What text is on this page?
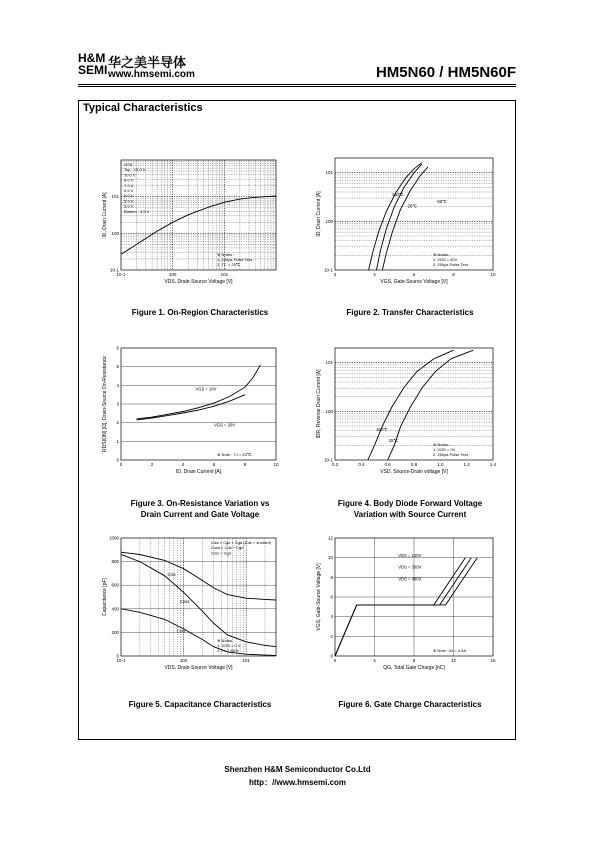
H&M
SEMI 华之美半导体
www.hmsemi.com	HM5N60 / HM5N60F
Typical Characteristics
10-1	100	101
10-1
100
101
VDS, Drain-Source Voltage [V]
ID, Drain Current [A]
VGS
Top : 15.0 V
10.0 V
8.0 V
7.0 V
6.5 V
6.0 V
5.5 V
5.0 V
Bottom : 4.5 V
※ Notes :
1. 250μs Pulse Test
2. TC = 25℃
Figure 1. On-Region Characteristics
2	4	6	8	10
10-1
100
101
VGS, Gate-Source Voltage [V]
ID, Drain Current [A]	150℃
25℃
-55℃
※ Notes :
1. VDS = 40V
2. 250μs Pulse Test
Figure 2. Transfer Characteristics
0	2	4	6	8	10
0
1
2
3
4
5
6
ID, Drain Current [A]
RDS(ON) [Ω], Drain-Source On-Resistance	VGS = 10V
VGS = 20V
※ Note : TJ = 25℃
Figure 3. On-Resistance Variation vs
Drain Current and Gate Voltage
0.2	0.4	0.6	0.8	1.0	1.2	1.4
10-1
100
101
VSD, Source-Drain voltage [V]
IDR, Reverse Drain Current [A]	150℃
25℃
※ Notes :
1. VGS = 0V
2. 250μs Pulse Test
Figure 4. Body Diode Forward Voltage
Variation with Source Current
10-1	100	101
0
200
400
600
800
1000
VDS, Drain-Source Voltage [V]
Capacitance [pF]
Ciss = Cgs + Cgd (Cds = shorted)
Coss = Cds + Cgd
Crss = Cgd
Ciss
Coss
Crss
※ Notes :
1. VGS = 0 V
2. f = 1 MHz
Figure 5. Capacitance Characteristics
0	4	8	12	16
0
2
4
6
8
10
12
QG, Total Gate Charge [nC]
VGS, Gate-Source Voltage [V]
VDS = 120V
VDS = 300V
VDS = 480V
※ Note : ID = 4.5A
Figure 6. Gate Charge Characteristics
Shenzhen H&M Semiconductor Co.Ltd
http：//www.hmsemi.com
